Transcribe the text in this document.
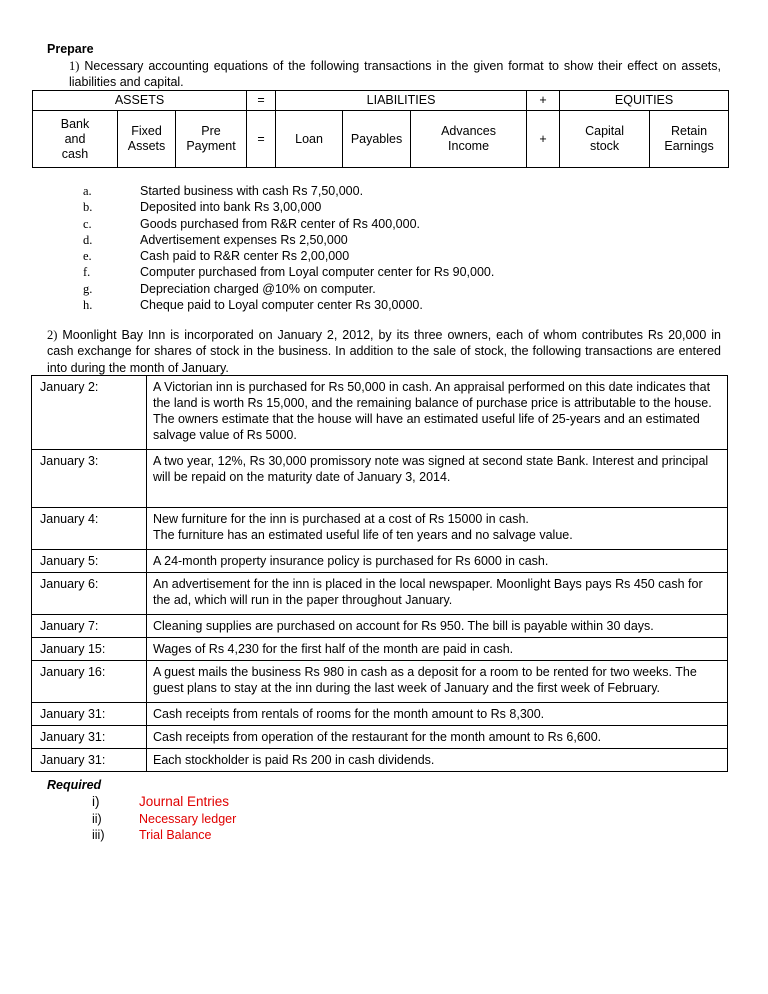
Prepare
1) Necessary accounting equations of the following transactions in the given format to show their effect on assets, liabilities and capital.
ASSETS			=	LIABILITIES			+	EQUITIES	
Bank and cash	Fixed Assets	Pre Payment	=	Loan	Payables	Advances Income	+	Capital stock	Retain Earnings
a.	Started business with cash Rs 7,50,000.
b.	Deposited into bank Rs 3,00,000
c.	Goods purchased from R&R center of Rs 400,000.
d.	Advertisement expenses Rs 2,50,000
e.	Cash paid to R&R center Rs 2,00,000
f.	Computer purchased from Loyal computer center for Rs 90,000.
g.	Depreciation charged @10% on computer.
h.	Cheque paid to Loyal computer center Rs 30,0000.
2) Moonlight Bay Inn is incorporated on January 2, 2012, by its three owners, each of whom contributes Rs 20,000 in cash exchange for shares of stock in the business. In addition to the sale of stock, the following transactions are entered into during the month of January.
January 2:	A Victorian inn is purchased for Rs 50,000 in cash. An appraisal performed on this date indicates that the land is worth Rs 15,000, and the remaining balance of purchase price is attributable to the house. The owners estimate that the house will have an estimated useful life of 25-years and an estimated salvage value of Rs 5000.
January 3:	A two year, 12%, Rs 30,000 promissory note was signed at second state Bank. Interest and principal will be repaid on the maturity date of January 3, 2014.
January 4:	New furniture for the inn is purchased at a cost of Rs 15000 in cash.
The furniture has an estimated useful life of ten years and no salvage value.
January 5:	A 24-month property insurance policy is purchased for Rs 6000 in cash.
January 6:	An advertisement for the inn is placed in the local newspaper. Moonlight Bays pays Rs 450 cash for the ad, which will run in the paper throughout January.
January 7:	Cleaning supplies are purchased on account for Rs 950. The bill is payable within 30 days.
January 15:	Wages of Rs 4,230 for the first half of the month are paid in cash.
January 16:	A guest mails the business Rs 980 in cash as a deposit for a room to be rented for two weeks. The guest plans to stay at the inn during the last week of January and the first week of February.
January 31:	Cash receipts from rentals of rooms for the month amount to Rs 8,300.
January 31:	Cash receipts from operation of the restaurant for the month amount to Rs 6,600.
January 31:	Each stockholder is paid Rs 200 in cash dividends.
Required
i)	Journal Entries
ii)	Necessary ledger
iii)	Trial Balance
